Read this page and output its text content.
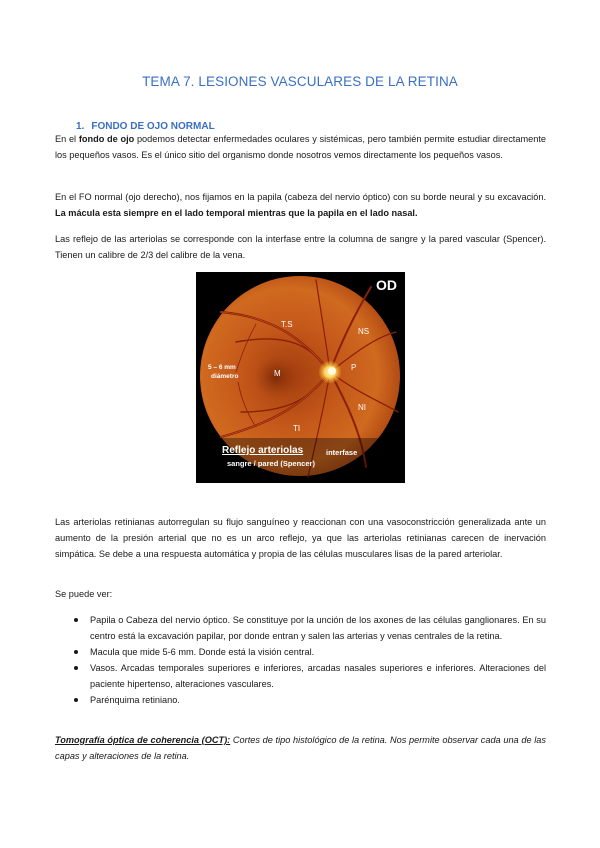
TEMA 7. LESIONES VASCULARES DE LA RETINA
1. FONDO DE OJO NORMAL
En el fondo de ojo podemos detectar enfermedades oculares y sistémicas, pero también permite estudiar directamente los pequeños vasos. Es el único sitio del organismo donde nosotros vemos directamente los pequeños vasos.
En el FO normal (ojo derecho), nos fijamos en la papila (cabeza del nervio óptico) con su borde neural y su excavación. La mácula esta siempre en el lado temporal mientras que la papila en el lado nasal.
Las reflejo de las arteriolas se corresponde con la interfase entre la columna de sangre y la pared vascular (Spencer). Tienen un calibre de 2/3 del calibre de la vena.
OD
T.S
NS
5 – 6 mm
diámetro	M
P
NI
TI
Reflejo arteriolas	interfase
sangre / pared (Spencer)
Las arteriolas retinianas autorregulan su flujo sanguíneo y reaccionan con una vasoconstricción generalizada ante un aumento de la presión arterial que no es un arco reflejo, ya que las arteriolas retinianas carecen de inervación simpática. Se debe a una respuesta automática y propia de las células musculares lisas de la pared arteriolar.
Se puede ver:
Papila o Cabeza del nervio óptico. Se constituye por la unción de los axones de las células ganglionares. En su centro está la excavación papilar, por donde entran y salen las arterias y venas centrales de la retina.
Macula que mide 5-6 mm. Donde está la visión central.
Vasos. Arcadas temporales superiores e inferiores, arcadas nasales superiores e inferiores. Alteraciones del paciente hipertenso, alteraciones vasculares.
Parénquima retiniano.
Tomografía óptica de coherencia (OCT): Cortes de tipo histológico de la retina. Nos permite observar cada una de las capas y alteraciones de la retina.
